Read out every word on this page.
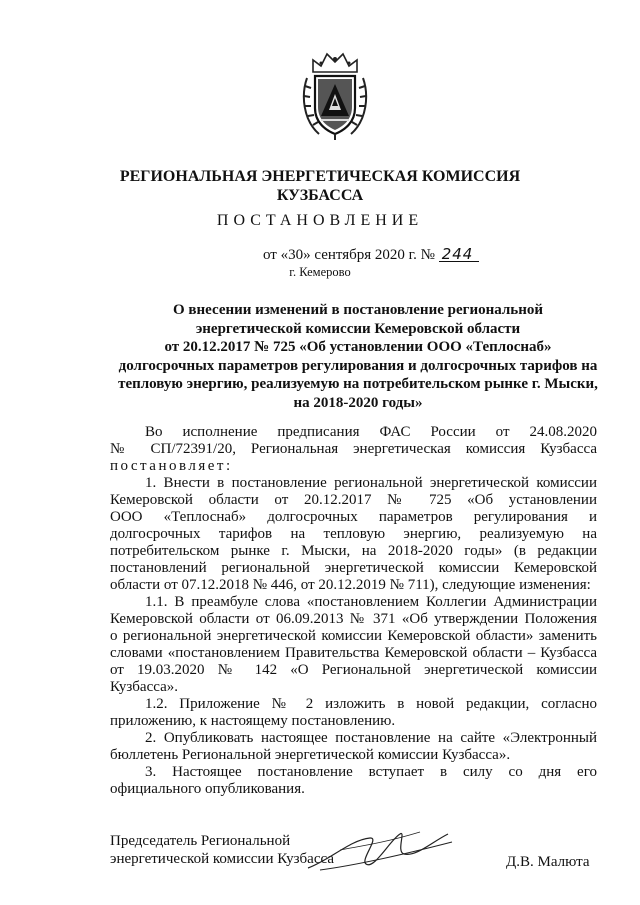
РЕГИОНАЛЬНАЯ ЭНЕРГЕТИЧЕСКАЯ КОМИССИЯ
КУЗБАССА
ПОСТАНОВЛЕНИЕ
от «30» сентября 2020 г. № 244
г. Кемерово
О внесении изменений в постановление региональной
энергетической комиссии Кемеровской области
от 20.12.2017 № 725 «Об установлении ООО «Теплоснаб»
долгосрочных параметров регулирования и долгосрочных тарифов на
тепловую энергию, реализуемую на потребительском рынке г. Мыски,
на 2018-2020 годы»
Во исполнение предписания ФАС России от 24.08.2020
№ СП/72391/20, Региональная энергетическая комиссия Кузбасса
постановляет:
1. Внести в постановление региональной энергетической комиссии
Кемеровской области от 20.12.2017 № 725 «Об установлении
ООО «Теплоснаб» долгосрочных параметров регулирования и
долгосрочных тарифов на тепловую энергию, реализуемую на
потребительском рынке г. Мыски, на 2018-2020 годы» (в редакции
постановлений региональной энергетической комиссии Кемеровской
области от 07.12.2018 № 446, от 20.12.2019 № 711), следующие изменения:
1.1. В преамбуле слова «постановлением Коллегии Администрации
Кемеровской области от 06.09.2013 № 371 «Об утверждении Положения
о региональной энергетической комиссии Кемеровской области» заменить
словами «постановлением Правительства Кемеровской области – Кузбасса
от 19.03.2020 № 142 «О Региональной энергетической комиссии
Кузбасса».
1.2. Приложение № 2 изложить в новой редакции, согласно
приложению, к настоящему постановлению.
2. Опубликовать настоящее постановление на сайте «Электронный
бюллетень Региональной энергетической комиссии Кузбасса».
3. Настоящее постановление вступает в силу со дня его
официального опубликования.
Председатель Региональной
энергетической комиссии Кузбасса	Д.В. Малюта
